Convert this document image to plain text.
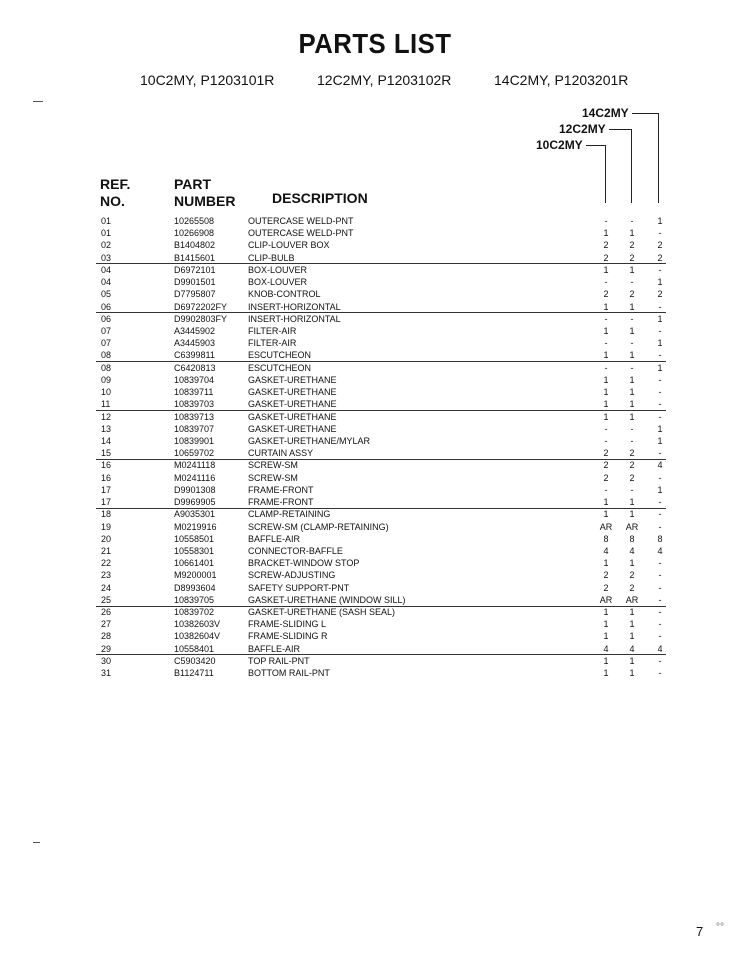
PARTS LIST
10C2MY, P1203101R	12C2MY, P1203102R	14C2MY, P1203201R
14C2MY
12C2MY
10C2MY
REF.
NO.
PART
NUMBER	DESCRIPTION
01	10265508	OUTERCASE WELD-PNT	-	-	1
01	10266908	OUTERCASE WELD-PNT	1	1	-
02	B1404802	CLIP-LOUVER BOX	2	2	2
03	B1415601	CLIP-BULB	2	2	2
04	D6972101	BOX-LOUVER	1	1	-
04	D9901501	BOX-LOUVER	-	-	1
05	D7795807	KNOB-CONTROL	2	2	2
06	D6972202FY INSERT-HORIZONTAL	1	1	-
06	D9902803FY INSERT-HORIZONTAL	-	-	1
07	A3445902	FILTER-AIR	1	1	-
07	A3445903	FILTER-AIR	-	-	1
08	C6399811	ESCUTCHEON	1	1	-
08	C6420813	ESCUTCHEON	-	-	1
09	10839704	GASKET-URETHANE	1	1	-
10	10839711	GASKET-URETHANE	1	1	-
11	10839703	GASKET-URETHANE	1	1	-
12	10839713	GASKET-URETHANE	1	1	-
13	10839707	GASKET-URETHANE	-	-	1
14	10839901	GASKET-URETHANE/MYLAR	-	-	1
15	10659702	CURTAIN ASSY	2	2	-
16	M0241118	SCREW-SM	2	2	4
16	M0241116	SCREW-SM	2	2	-
17	D9901308	FRAME-FRONT	-	-	1
17	D9969905	FRAME-FRONT	1	1	-
18	A9035301	CLAMP-RETAINING	1	1	-
19	M0219916	SCREW-SM (CLAMP-RETAINING)	AR	AR	-
20	10558501	BAFFLE-AIR	8	8	8
21	10558301	CONNECTOR-BAFFLE	4	4	4
22	10661401	BRACKET-WINDOW STOP	1	1	-
23	M9200001	SCREW-ADJUSTING	2	2	-
24	D8993604	SAFETY SUPPORT-PNT	2	2	-
25	10839705	GASKET-URETHANE (WINDOW SILL)	AR	AR	-
26	10839702	GASKET-URETHANE (SASH SEAL)	1	1	-
27	10382603V	FRAME-SLIDING L	1	1	-
28	10382604V	FRAME-SLIDING R	1	1	-
29	10558401	BAFFLE-AIR	4	4	4
30	C5903420	TOP RAIL-PNT	1	1	-
31	B1124711	BOTTOM RAIL-PNT	1	1	-
7 °°
